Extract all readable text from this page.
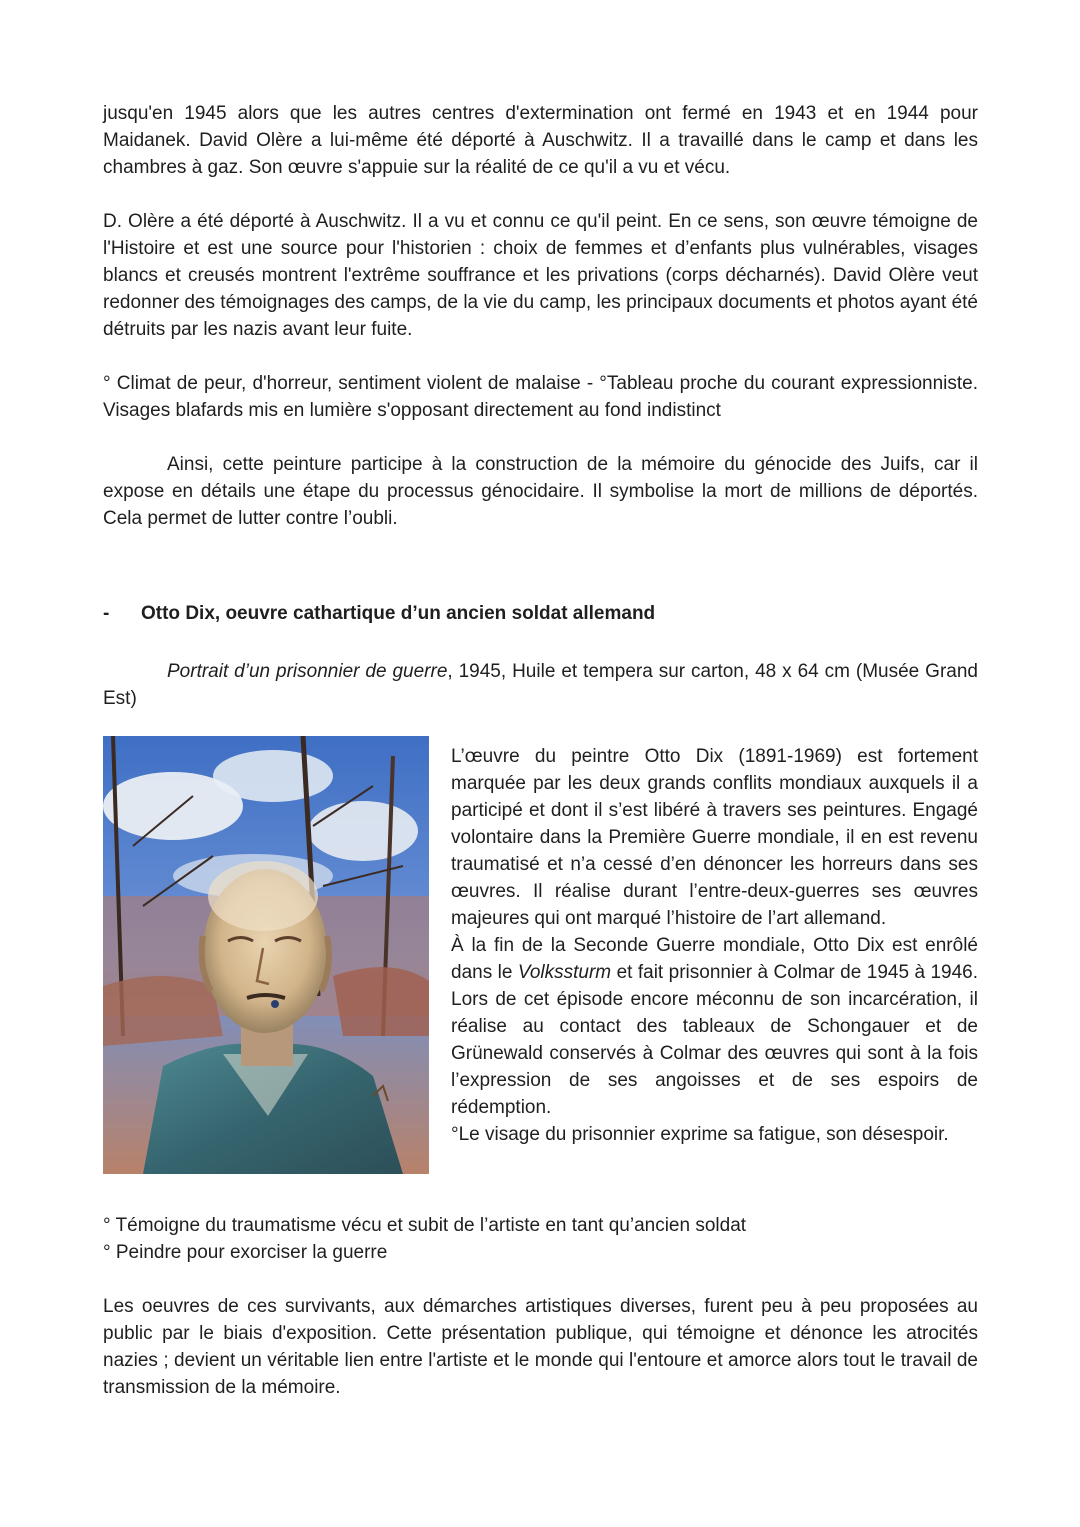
jusqu'en 1945 alors que les autres centres d'extermination ont fermé en 1943 et en 1944 pour Maidanek. David Olère a lui-même été déporté à Auschwitz. Il a travaillé dans le camp et dans les chambres à gaz. Son œuvre s'appuie sur la réalité de ce qu'il a vu et vécu.

D. Olère a été déporté à Auschwitz. Il a vu et connu ce qu'il peint. En ce sens, son œuvre témoigne de l'Histoire et est une source pour l'historien : choix de femmes et d’enfants plus vulnérables, visages blancs et creusés montrent l'extrême souffrance et les privations (corps décharnés). David Olère veut redonner des témoignages des camps, de la vie du camp, les principaux documents et photos ayant été détruits par les nazis avant leur fuite.

° Climat de peur, d'horreur, sentiment violent de malaise - °Tableau proche du courant expressionniste. Visages blafards mis en lumière s'opposant directement au fond indistinct

Ainsi, cette peinture participe à la construction de la mémoire du génocide des Juifs, car il expose en détails une étape du processus génocidaire. Il symbolise la mort de millions de déportés. Cela permet de lutter contre l’oubli.

-	Otto Dix, oeuvre cathartique d’un ancien soldat allemand

Portrait d’un prisonnier de guerre, 1945, Huile et tempera sur carton, 48 x 64 cm (Musée Grand Est)

L’œuvre du peintre Otto Dix (1891-1969) est fortement marquée par les deux grands conflits mondiaux auxquels il a participé et dont il s’est libéré à travers ses peintures. Engagé volontaire dans la Première Guerre mondiale, il en est revenu traumatisé et n’a cessé d’en dénoncer les horreurs dans ses œuvres. Il réalise durant l’entre-deux-guerres ses œuvres majeures qui ont marqué l’histoire de l’art allemand.

À la fin de la Seconde Guerre mondiale, Otto Dix est enrôlé dans le Volkssturm et fait prisonnier à Colmar de 1945 à 1946. Lors de cet épisode encore méconnu de son incarcération, il réalise au contact des tableaux de Schongauer et de Grünewald conservés à Colmar des œuvres qui sont à la fois l’expression de ses angoisses et de ses espoirs de rédemption.

°Le visage du prisonnier exprime sa fatigue, son désespoir.

° Témoigne du traumatisme vécu et subit de l’artiste en tant qu’ancien soldat

° Peindre pour exorciser la guerre

Les oeuvres de ces survivants, aux démarches artistiques diverses, furent peu à peu proposées au public par le biais d'exposition. Cette présentation publique, qui témoigne et dénonce les atrocités nazies ; devient un véritable lien entre l'artiste et le monde qui l'entoure et amorce alors tout le travail de transmission de la mémoire.
